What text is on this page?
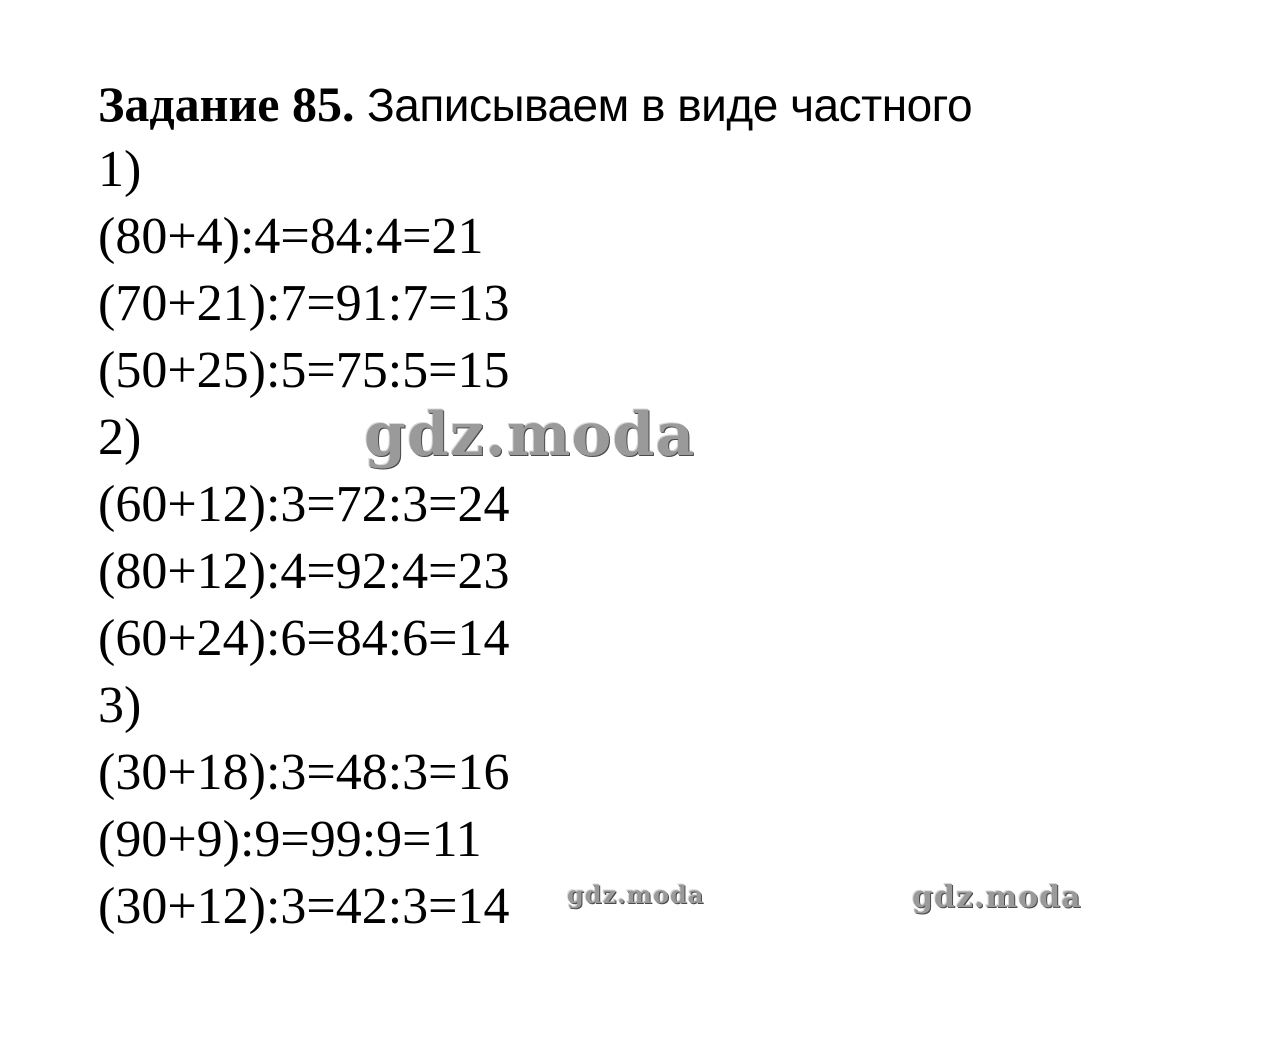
Задание 85. Записываем в виде частного
1)
(80+4):4=84:4=21
(70+21):7=91:7=13
(50+25):5=75:5=15
2)
(60+12):3=72:3=24
(80+12):4=92:4=23
(60+24):6=84:6=14
3)
(30+18):3=48:3=16
(90+9):9=99:9=11
(30+12):3=42:3=14
gdz.moda
gdz.moda	gdz.moda
